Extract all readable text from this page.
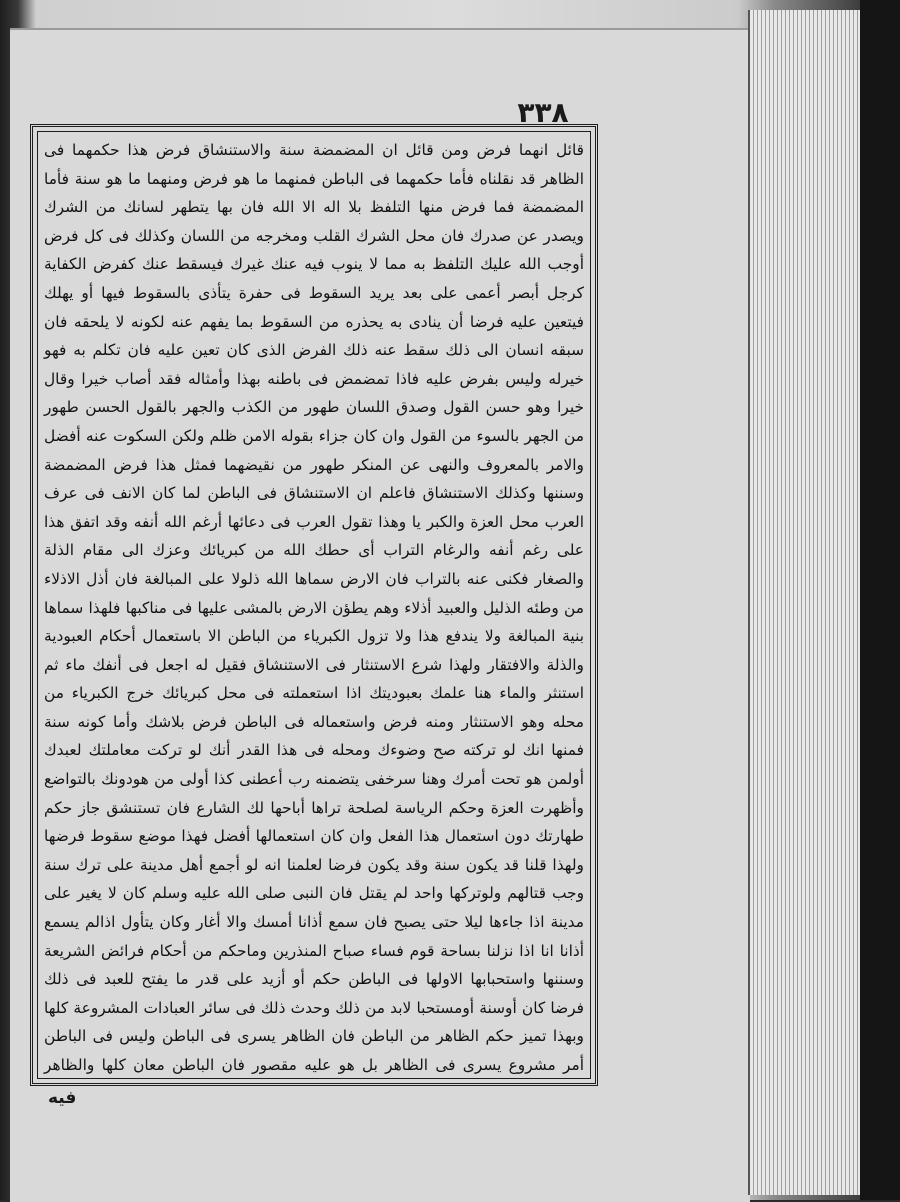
٣٣٨

قائل انهما فرض ومن قائل ان المضمضة سنة والاستنشاق فرض هذا حكمهما فى الظاهر قد نقلناه فأما حكمهما فى الباطن فمنهما ما هو فرض ومنهما ما هو سنة فأما المضمضة فما فرض منها التلفظ بلا اله الا الله فان بها يتطهر لسانك من الشرك ويصدر عن صدرك فان محل الشرك القلب ومخرجه من اللسان وكذلك فى كل فرض أوجب الله عليك التلفظ به مما لا ينوب فيه عنك غيرك فيسقط عنك كفرض الكفاية كرجل أبصر أعمى على بعد يريد السقوط فى حفرة يتأذى بالسقوط فيها أو يهلك فيتعين عليه فرضا أن ينادى به يحذره من السقوط بما يفهم عنه لكونه لا يلحقه فان سبقه انسان الى ذلك سقط عنه ذلك الفرض الذى كان تعين عليه فان تكلم به فهو خيرله وليس بفرض عليه فاذا تمضمض فى باطنه بهذا وأمثاله فقد أصاب خيرا وقال خيرا وهو حسن القول وصدق اللسان طهور من الكذب والجهر بالقول الحسن طهور من الجهر بالسوء من القول وان كان جزاء بقوله الامن ظلم ولكن السكوت عنه أفضل والامر بالمعروف والنهى عن المنكر طهور من نقيضهما فمثل هذا فرض المضمضة وسننها وكذلك الاستنشاق فاعلم ان الاستنشاق فى الباطن لما كان الانف فى عرف العرب محل العزة والكبر يا وهذا تقول العرب فى دعائها أرغم الله أنفه وقد اتفق هذا على رغم أنفه والرغام التراب أى حطك الله من كبريائك وعزك الى مقام الذلة والصغار فكنى عنه بالتراب فان الارض سماها الله ذلولا على المبالغة فان أذل الاذلاء من وطئه الذليل والعبيد أذلاء وهم يطؤن الارض بالمشى عليها فى مناكبها فلهذا سماها بنية المبالغة ولا يندفع هذا ولا تزول الكبرياء من الباطن الا باستعمال أحكام العبودية والذلة والافتقار ولهذا شرع الاستنثار فى الاستنشاق فقيل له اجعل فى أنفك ماء ثم استنثر والماء هنا علمك بعبوديتك اذا استعملته فى محل كبريائك خرج الكبرياء من محله وهو الاستنثار ومنه فرض واستعماله فى الباطن فرض بلاشك وأما كونه سنة فمنها انك لو تركته صح وضوءك ومحله فى هذا القدر أنك لو تركت معاملتك لعبدك أولمن هو تحت أمرك وهنا سرخفى يتضمنه رب أعطنى كذا أولى من هودونك بالتواضع وأظهرت العزة وحكم الرياسة لصلحة تراها أباحها لك الشارع فان تستنشق جاز حكم طهارتك دون استعمال هذا الفعل وان كان استعمالها أفضل فهذا موضع سقوط فرضها ولهذا قلنا قد يكون سنة وقد يكون فرضا لعلمنا انه لو أجمع أهل مدينة على ترك سنة وجب قتالهم ولوتركها واحد لم يقتل فان النبى صلى الله عليه وسلم كان لا يغير على مدينة اذا جاءها ليلا حتى يصبح فان سمع أذانا أمسك والا أغار وكان يتأول اذالم يسمع أذانا انا اذا نزلنا بساحة قوم فساء صباح المنذرين وماحكم من أحكام فرائض الشريعة وسننها واستحبابها الاولها فى الباطن حكم أو أزيد على قدر ما يفتح للعبد فى ذلك فرضا كان أوسنة أومستحبا لابد من ذلك وحدث ذلك فى سائر العبادات المشروعة كلها وبهذا تميز حكم الظاهر من الباطن فان الظاهر يسرى فى الباطن وليس فى الباطن أمر مشروع يسرى فى الظاهر بل هو عليه مقصور فان الباطن معان كلها والظاهر

فيه
